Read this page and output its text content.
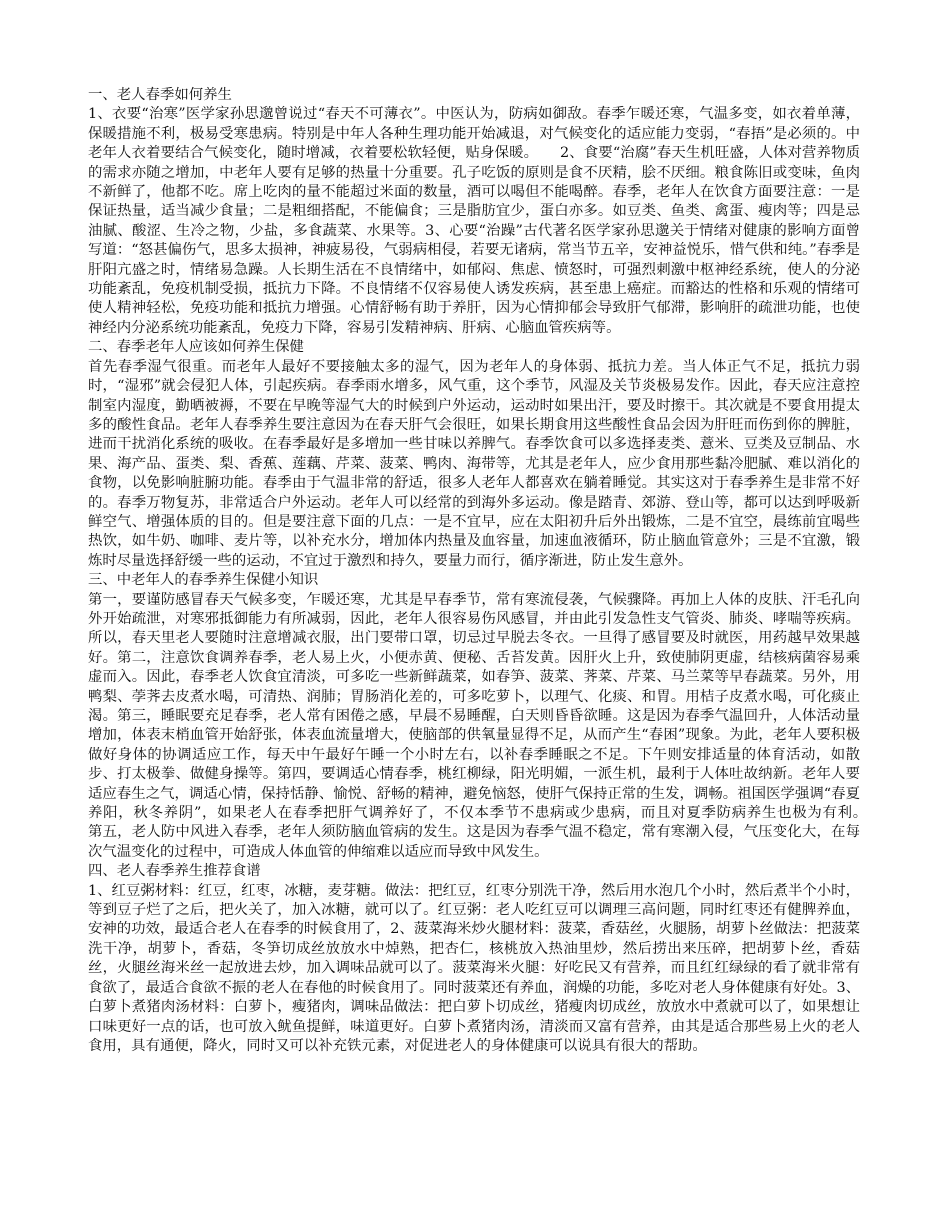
一、老人春季如何养生

1、衣要“治寒”医学家孙思邈曾说过“春天不可薄衣”。中医认为，防病如御敌。春季乍暖还寒，气温多变，如衣着单薄，保暖措施不利，极易受寒患病。特别是中年人各种生理功能开始减退，对气候变化的适应能力变弱，“春捂”是必须的。中老年人衣着要结合气候变化，随时增减，衣着要松软轻便，贴身保暖。　　2、食要“治腐”春天生机旺盛，人体对营养物质的需求亦随之增加，中老年人要有足够的热量十分重要。孔子吃饭的原则是食不厌精，脍不厌细。粮食陈旧或变味，鱼肉不新鲜了，他都不吃。席上吃肉的量不能超过米面的数量，酒可以喝但不能喝醉。春季，老年人在饮食方面要注意：一是保证热量，适当减少食量；二是粗细搭配，不能偏食；三是脂肪宜少，蛋白亦多。如豆类、鱼类、禽蛋、瘦肉等；四是忌油腻、酸涩、生冷之物，少盐，多食蔬菜、水果等。3、心要“治躁”古代著名医学家孙思邈关于情绪对健康的影响方面曾写道：“怒甚偏伤气，思多太损神，神疲易役，气弱病相侵，若要无诸病，常当节五辛，安神益悦乐，惜气供和纯。”春季是肝阳亢盛之时，情绪易急躁。人长期生活在不良情绪中，如郁闷、焦虑、愤怒时，可强烈刺激中枢神经系统，使人的分泌功能紊乱，免疫机制受损，抵抗力下降。不良情绪不仅容易使人诱发疾病，甚至患上癌症。而豁达的性格和乐观的情绪可使人精神轻松，免疫功能和抵抗力增强。心情舒畅有助于养肝，因为心情抑郁会导致肝气郁滞，影响肝的疏泄功能，也使神经内分泌系统功能紊乱，免疫力下降，容易引发精神病、肝病、心脑血管疾病等。

二、春季老年人应该如何养生保健

首先春季湿气很重。而老年人最好不要接触太多的湿气，因为老年人的身体弱、抵抗力差。当人体正气不足，抵抗力弱时，“湿邪”就会侵犯人体，引起疾病。春季雨水增多，风气重，这个季节，风湿及关节炎极易发作。因此，春天应注意控制室内湿度，勤晒被褥，不要在早晚等湿气大的时候到户外运动，运动时如果出汗，要及时擦干。其次就是不要食用提太多的酸性食品。老年人春季养生要注意因为在春天肝气会很旺，如果长期食用这些酸性食品会因为肝旺而伤到你的脾脏，进而干扰消化系统的吸收。在春季最好是多增加一些甘味以养脾气。春季饮食可以多选择麦类、薏米、豆类及豆制品、水果、海产品、蛋类、梨、香蕉、莲藕、芹菜、菠菜、鸭肉、海带等，尤其是老年人，应少食用那些黏冷肥腻、难以消化的食物，以免影响脏腑功能。春季由于气温非常的舒适，很多人老年人都喜欢在躺着睡觉。其实这对于春季养生是非常不好的。春季万物复苏，非常适合户外运动。老年人可以经常的到海外多运动。像是踏青、郊游、登山等，都可以达到呼吸新鲜空气、增强体质的目的。但是要注意下面的几点：一是不宜早，应在太阳初升后外出锻炼，二是不宜空，晨练前宜喝些热饮，如牛奶、咖啡、麦片等，以补充水分，增加体内热量及血容量，加速血液循环，防止脑血管意外；三是不宜激，锻炼时尽量选择舒缓一些的运动，不宜过于激烈和持久，要量力而行，循序渐进，防止发生意外。

三、中老年人的春季养生保健小知识

第一，要谨防感冒春天气候多变，乍暖还寒，尤其是早春季节，常有寒流侵袭，气候骤降。再加上人体的皮肤、汗毛孔向外开始疏泄，对寒邪抵御能力有所减弱，因此，老年人很容易伤风感冒，并由此引发急性支气管炎、肺炎、哮喘等疾病。所以，春天里老人要随时注意增减衣服，出门要带口罩，切忌过早脱去冬衣。一旦得了感冒要及时就医，用药越早效果越好。第二，注意饮食调养春季，老人易上火，小便赤黄、便秘、舌苔发黄。因肝火上升，致使肺阴更虚，结核病菌容易乘虚而入。因此，春季老人饮食宜清淡，可多吃一些新鲜蔬菜，如春笋、菠菜、荠菜、芹菜、马兰菜等早春蔬菜。另外，用鸭梨、荸荠去皮煮水喝，可清热、润肺；胃肠消化差的，可多吃萝卜，以理气、化痰、和胃。用桔子皮煮水喝，可化痰止渴。第三，睡眠要充足春季，老人常有困倦之感，早晨不易睡醒，白天则昏昏欲睡。这是因为春季气温回升，人体活动量增加，体表末梢血管开始舒张，体表血流量增大，使脑部的供氧量显得不足，从而产生“春困”现象。为此，老年人要积极做好身体的协调适应工作，每天中午最好午睡一个小时左右，以补春季睡眠之不足。下午则安排适量的体育活动，如散步、打太极拳、做健身操等。第四，要调适心情春季，桃红柳绿，阳光明媚，一派生机，最利于人体吐故纳新。老年人要适应春生之气，调适心情，保持恬静、愉悦、舒畅的精神，避免恼怒，使肝气保持正常的生发，调畅。祖国医学强调“春夏养阳，秋冬养阴”，如果老人在春季把肝气调养好了，不仅本季节不患病或少患病，而且对夏季防病养生也极为有利。　　第五，老人防中风进入春季，老年人须防脑血管病的发生。这是因为春季气温不稳定，常有寒潮入侵，气压变化大，在每次气温变化的过程中，可造成人体血管的伸缩难以适应而导致中风发生。

四、老人春季养生推荐食谱

1、红豆粥材料：红豆，红枣，冰糖，麦芽糖。做法：把红豆，红枣分别洗干净，然后用水泡几个小时，然后煮半个小时，等到豆子烂了之后，把火关了，加入冰糖，就可以了。红豆粥：老人吃红豆可以调理三高问题，同时红枣还有健脾养血，安神的功效，最适合老人在春季的时候食用了，2、菠菜海米炒火腿材料：菠菜，香菇丝，火腿肠，胡萝卜丝做法：把菠菜洗干净，胡萝卜，香菇，冬笋切成丝放放水中焯熟，把杏仁，核桃放入热油里炒，然后捞出来压碎，把胡萝卜丝，香菇丝，火腿丝海米丝一起放进去炒，加入调味品就可以了。菠菜海米火腿：好吃民又有营养，而且红红绿绿的看了就非常有食欲了，最适合食欲不振的老人在春他的时候食用了。同时菠菜还有养血，润燥的功能，多吃对老人身体健康有好处。3、白萝卜煮猪肉汤材料：白萝卜，瘦猪肉，调味品做法：把白萝卜切成丝，猪瘦肉切成丝，放放水中煮就可以了，如果想让口味更好一点的话，也可放入鱿鱼提鲜，味道更好。白萝卜煮猪肉汤，清淡而又富有营养，由其是适合那些易上火的老人食用，具有通便，降火，同时又可以补充铁元素，对促进老人的身体健康可以说具有很大的帮助。
